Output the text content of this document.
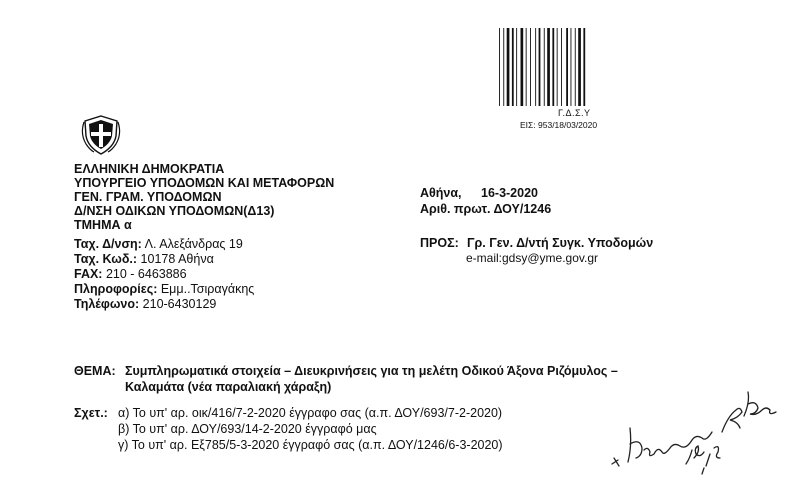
Γ.Δ.Σ.Υ
ΕΙΣ: 953/18/03/2020
ΕΛΛΗΝΙΚΗ ΔΗΜΟΚΡΑΤΙΑ
ΥΠΟΥΡΓΕΙΟ ΥΠΟΔΟΜΩΝ ΚΑΙ ΜΕΤΑΦΟΡΩΝ
ΓΕΝ. ΓΡΑΜ. ΥΠΟΔΟΜΩΝ
Δ/ΝΣΗ ΟΔΙΚΩΝ ΥΠΟΔΟΜΩΝ(Δ13)
ΤΜΗΜΑ α
Ταχ. Δ/νση: Λ. Αλεξάνδρας 19
Ταχ. Κωδ.: 10178 Αθήνα
FAX: 210 - 6463886
Πληροφορίες: Εμμ..Τσιραγάκης
Τηλέφωνο: 210-6430129
Αθήνα, 16-3-2020
Αριθ. πρωτ. ΔΟΥ/1246
ΠΡΟΣ: Γρ. Γεν. Δ/ντή Συγκ. Υποδομών
e-mail:gdsy@yme.gov.gr
ΘΕΜΑ: Συμπληρωματικά στοιχεία – Διευκρινήσεις για τη μελέτη Οδικού Άξονα Ριζόμυλος –
Καλαμάτα (νέα παραλιακή χάραξη)
Σχετ.: α) Το υπ' αρ. οικ/416/7-2-2020 έγγραφο σας (α.π. ΔΟΥ/693/7-2-2020)
β) Το υπ' αρ. ΔΟΥ/693/14-2-2020 έγγραφό μας
γ) Το υπ' αρ. Εξ785/5-3-2020 έγγραφό σας (α.π. ΔΟΥ/1246/6-3-2020)
